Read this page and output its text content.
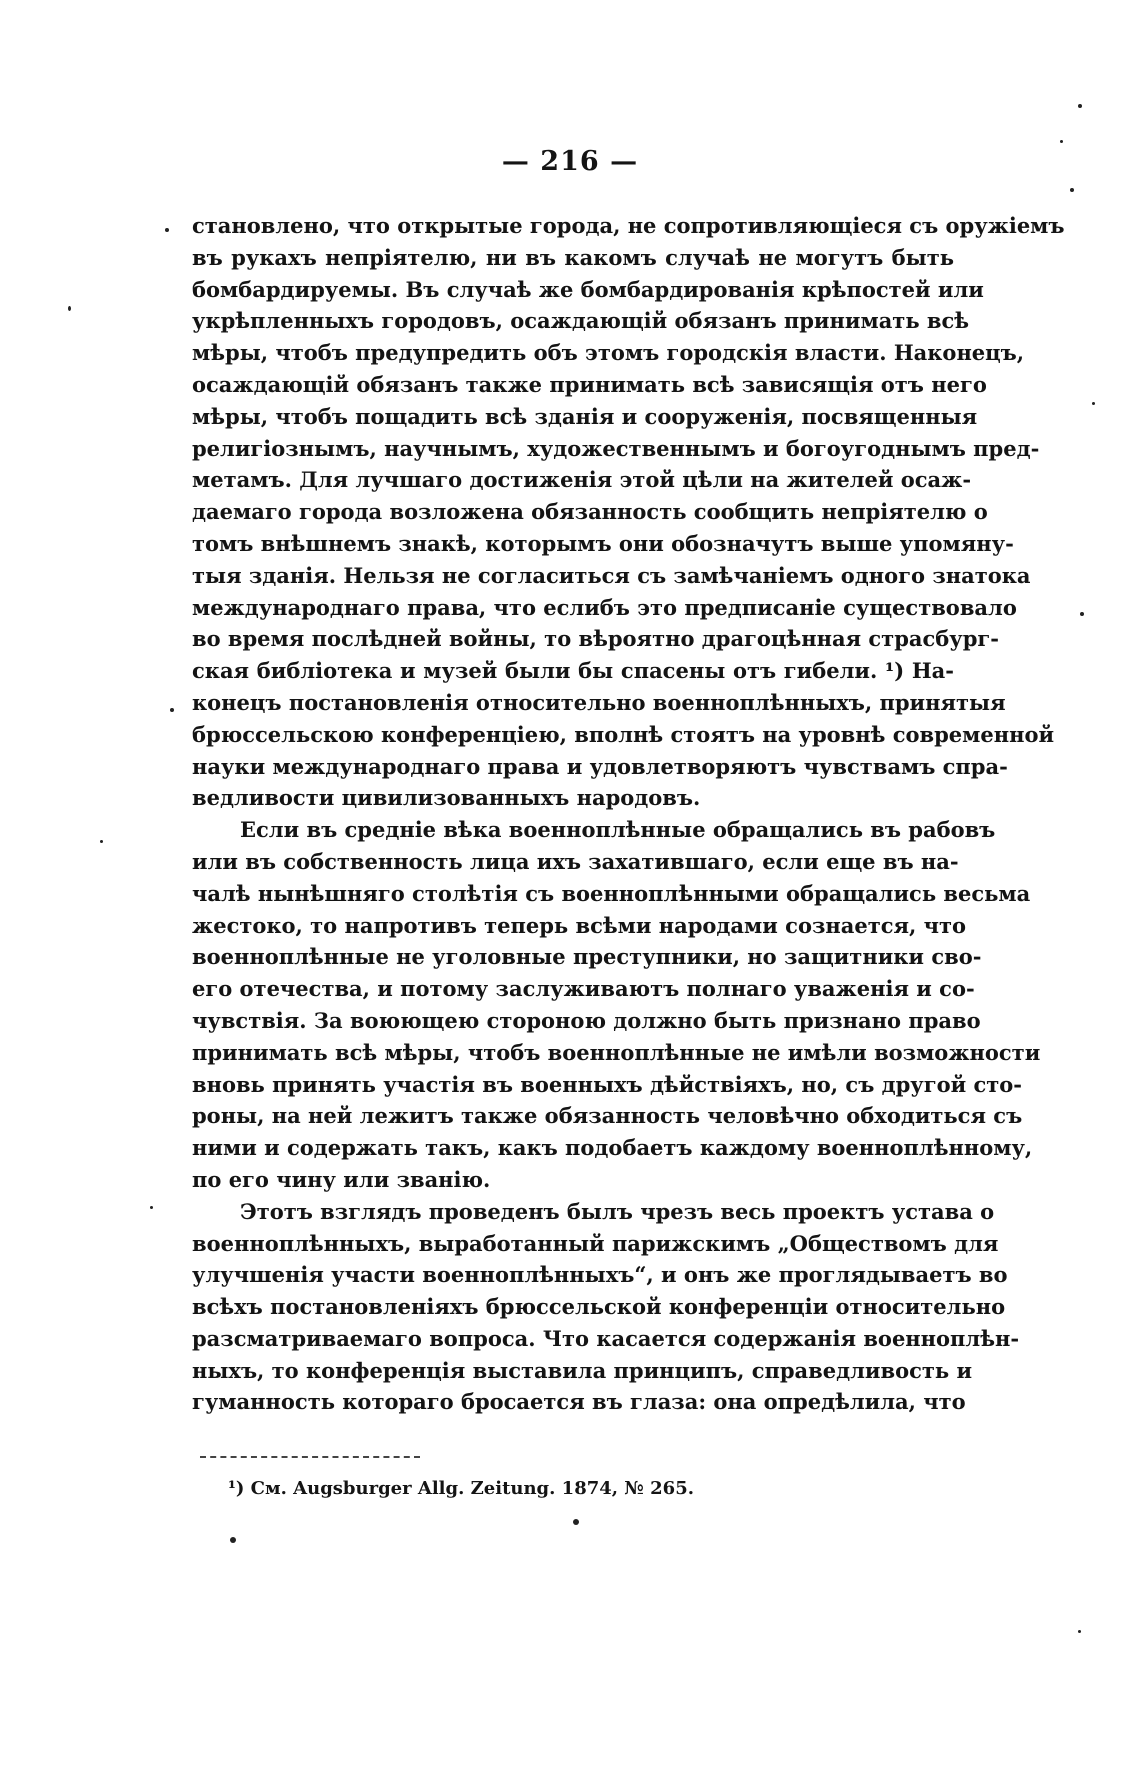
— 216 —
становлено, что открытые города, не сопротивляющіеся съ оружіемъ
въ рукахъ непріятелю, ни въ какомъ случаѣ не могутъ быть
бомбардируемы. Въ случаѣ же бомбардированія крѣпостей или
укрѣпленныхъ городовъ, осаждающій обязанъ принимать всѣ
мѣры, чтобъ предупредить объ этомъ городскія власти. Наконецъ,
осаждающій обязанъ также принимать всѣ зависящія отъ него
мѣры, чтобъ пощадить всѣ зданія и сооруженія, посвященныя
религіознымъ, научнымъ, художественнымъ и богоугоднымъ пред-
метамъ. Для лучшаго достиженія этой цѣли на жителей осаж-
даемаго города возложена обязанность сообщить непріятелю о
томъ внѣшнемъ знакѣ, которымъ они обозначутъ выше упомяну-
тыя зданія. Нельзя не согласиться съ замѣчаніемъ одного знатока
международнаго права, что еслибъ это предписаніе существовало
во время послѣдней войны, то вѣроятно драгоцѣнная страсбург-
ская библіотека и музей были бы спасены отъ гибели. ¹) На-
конецъ постановленія относительно военноплѣнныхъ, принятыя
брюссельскою конференціею, вполнѣ стоятъ на уровнѣ современной
науки международнаго права и удовлетворяютъ чувствамъ спра-
ведливости цивилизованныхъ народовъ.
Если въ средніе вѣка военноплѣнные обращались въ рабовъ
или въ собственность лица ихъ захатившаго, если еще въ на-
чалѣ нынѣшняго столѣтія съ военноплѣнными обращались весьма
жестоко, то напротивъ теперь всѣми народами сознается, что
военноплѣнные не уголовные преступники, но защитники сво-
его отечества, и потому заслуживаютъ полнаго уваженія и со-
чувствія. За воюющею стороною должно быть признано право
принимать всѣ мѣры, чтобъ военноплѣнные не имѣли возможности
вновь принять участія въ военныхъ дѣйствіяхъ, но, съ другой сто-
роны, на ней лежитъ также обязанность человѣчно обходиться съ
ними и содержать такъ, какъ подобаетъ каждому военноплѣнному,
по его чину или званію.
Этотъ взглядъ проведенъ былъ чрезъ весь проектъ устава о
военноплѣнныхъ, выработанный парижскимъ „Обществомъ для
улучшенія участи военноплѣнныхъ“, и онъ же проглядываетъ во
всѣхъ постановленіяхъ брюссельской конференціи относительно
разсматриваемаго вопроса. Что касается содержанія военноплѣн-
ныхъ, то конференція выставила принципъ, справедливость и
гуманность котораго бросается въ глаза: она опредѣлила, что
¹) См. Augsburger Allg. Zeitung. 1874, № 265.
